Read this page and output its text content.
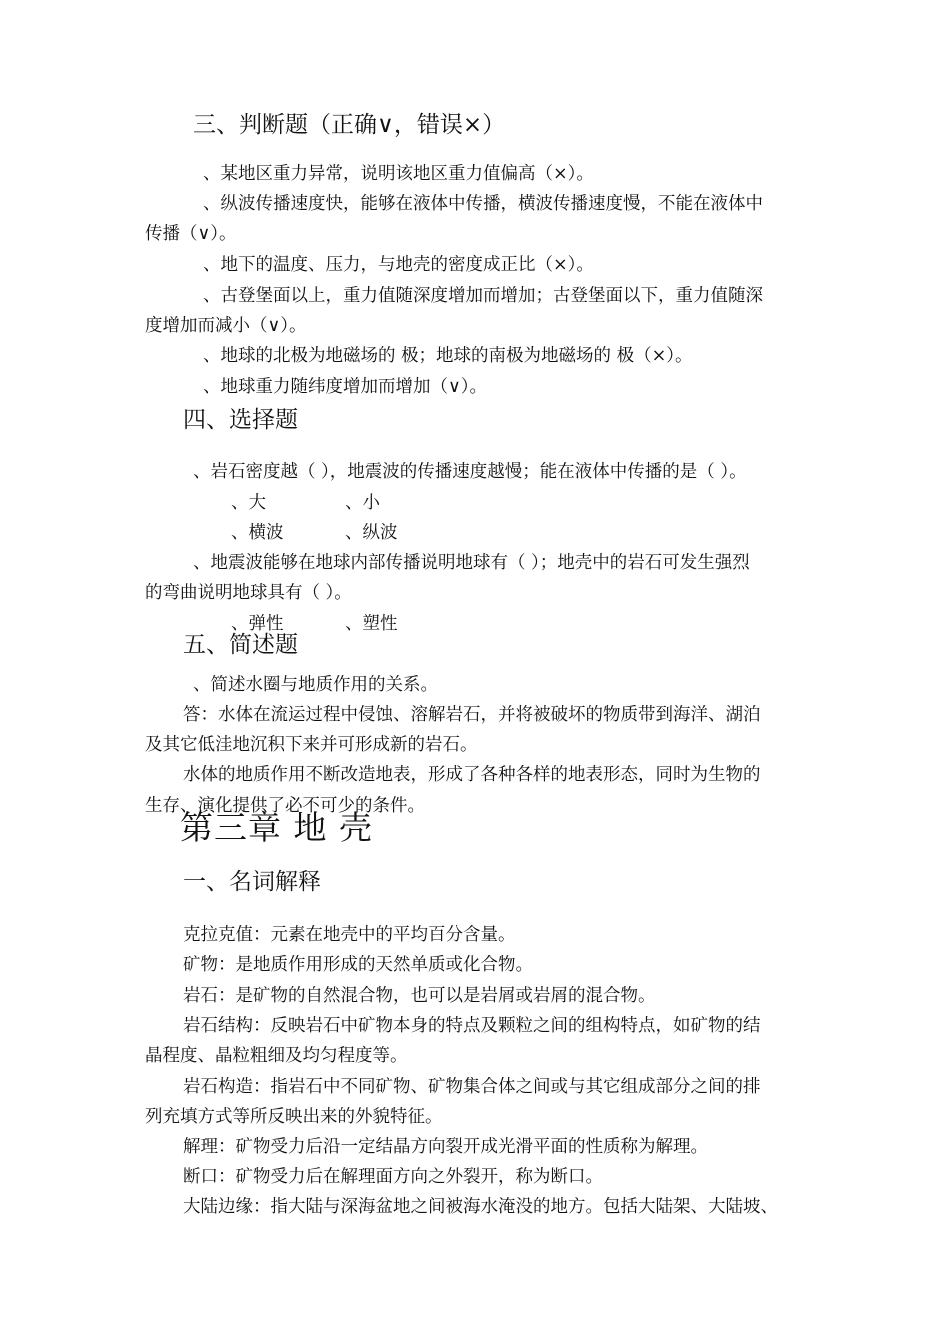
三、判断题（正确∨，错误×）
、某地区重力异常，说明该地区重力值偏高（×）。
、纵波传播速度快，能够在液体中传播，横波传播速度慢，不能在液体中
传播（∨）。
、地下的温度、压力，与地壳的密度成正比（×）。
、古登堡面以上，重力值随深度增加而增加；古登堡面以下，重力值随深
度增加而减小（∨）。
、地球的北极为地磁场的 极；地球的南极为地磁场的 极（×）。
、地球重力随纬度增加而增加（∨）。
四、选择题
、岩石密度越（ ），地震波的传播速度越慢；能在液体中传播的是（ ）。
、大	、小
、横波	、纵波
、地震波能够在地球内部传播说明地球有（ ）；地壳中的岩石可发生强烈
的弯曲说明地球具有（ ）。
、弹性	、塑性
五、简述题
、简述水圈与地质作用的关系。
答：水体在流运过程中侵蚀、溶解岩石，并将被破坏的物质带到海洋、湖泊
及其它低洼地沉积下来并可形成新的岩石。
水体的地质作用不断改造地表，形成了各种各样的地表形态，同时为生物的
生存、演化提供了必不可少的条件。
第三章 地 壳
一、名词解释
克拉克值：元素在地壳中的平均百分含量。
矿物：是地质作用形成的天然单质或化合物。
岩石：是矿物的自然混合物，也可以是岩屑或岩屑的混合物。
岩石结构：反映岩石中矿物本身的特点及颗粒之间的组构特点，如矿物的结
晶程度、晶粒粗细及均匀程度等。
岩石构造：指岩石中不同矿物、矿物集合体之间或与其它组成部分之间的排
列充填方式等所反映出来的外貌特征。
解理：矿物受力后沿一定结晶方向裂开成光滑平面的性质称为解理。
断口：矿物受力后在解理面方向之外裂开，称为断口。
大陆边缘：指大陆与深海盆地之间被海水淹没的地方。包括大陆架、大陆坡、
